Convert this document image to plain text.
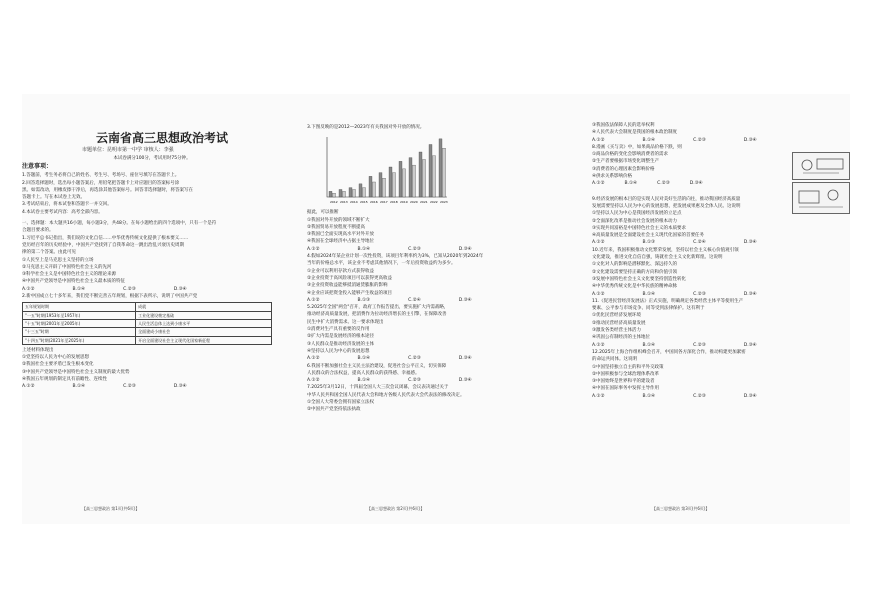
云南省高三思想政治考试

市题单位：昆明市第一中学 审核人：李强

本试卷满分100分，考试用时75分钟。

注意事项：

1.答题前，考生务必将自己的姓名、考生号、考场号、座位号填写在答题卡上。

2.回答选择题时，选出每小题答案后，用铅笔把答题卡上对应题目的答案标号涂

黑。如需改动，用橡皮擦干净后，再选涂其他答案标号。回答非选择题时，将答案写在

答题卡上。写在本试卷上无效。

3.考试结束后，将本试卷和答题卡一并交回。

4.本试卷主要考试内容：高考全部内容。

一、选择题：本大题共16小题，每小题3分，共48分。在每小题给出的四个选项中，只有一个是符

合题目要求的。

1.习近平总书记指出，我们说的文化自信……中华优秀传统文化提供了根本要义……

党历经百年的历史经验中，中国共产党找到了自我革命这一跳出治乱兴衰历史周期

律的第二个答案。由此可见

①人民至上是马克思主义坚持的立场

②马克思主义开辟了中国特色社会主义的先河

③科学社会主义是中国特色社会主义的理论来源

④中国共产党领导是中国特色社会主义最本质的特征

A.①②	B.①④	C.②③	D.③④

2.新中国成立七十多年来，我们党不断完善五年规划，根据下表所示，说明了中国共产党

五年规划时期	成就
"一五"时期(1953年至1957年)	工业化建设奠定基础
"十五"时期(2001年至2005年)	人民生活总体上达到小康水平
"十三五"时期	全面建成小康社会
"十四五"时期(2021年至2025年)	开启全面建设社会主义现代化国家新征程

上述材料体现出

①党坚持以人民为中心的发展思想

②我国社会主要矛盾已发生根本变化

③中国共产党领导是中国特色社会主义制度的最大优势

④我国五年规划的制定具有前瞻性、连续性

A.①②	B.①④	C.②③	D.③④
【高三思想政治 第1页(共6页)】

3.下图反映的是2012—2023年有关我国对外开放的情况。

2012 2013 2014 2015 2016 2017 2018 2019 2020 2021 2022 2023

据此，可以推断

①我国对外开放的领域不断扩大

②我国贸易开放程度不断提高

③我国已全面实现高水平对外开放

④我国在全球经济中占据主导地位

A.①②	B.①④	C.②③	D.③④

4.假如2024年某企业计划一次性投资，该项目年利率约为3%，已知从2020年到2024年

当年的价格总水平，该企业不考虑其他情况下，一年后投资收益约为多少。

①企业可以利用存款方式获得收益

②企业投资于高风险项目可以获得更高收益

③企业投资收益能够抵消通货膨胀的影响

④企业应该把资金投入能够产生收益的项目

A.①②	B.①③	C.②④	D.③④

5.2025年全国"两会"召开，政府工作报告提出，要实施扩大内需战略，

推动经济高质量发展，把消费作为拉动经济增长的主引擎，在保障改善

民生中扩大消费需求。这一要求体现出

①消费对生产具有重要的反作用

②扩大内需是发展经济的根本途径

③人民群众是推动经济发展的主体

④坚持以人民为中心的发展思想

A.①②	B.①④	C.②③	D.③④

6.我国不断加强社会主义民主法治建设，促进社会公平正义，切实保障

人民群众的合法权益，提高人民群众的获得感、幸福感。

A.①②	B.①④	C.②③	D.③④

7.2025年3月12日，十四届全国人大三次会议闭幕，会议表决通过关于

中华人民共和国全国人民代表大会和地方各级人民代表大会代表法的修改决定。

①全国人大常委会拥有国家立法权

②中国共产党坚持依法执政

【高三思想政治 第2页(共6页)】

③我国依法保障人民的选举权利

④人民代表大会制度是我国的根本政治制度

A.①②	B.①④	C.②③	D.③④

8.漫画《买与卖》中，如果商品价格下跌，则

①商品价格的变化会影响消费者的需求

②生产者要根据市场变化调整生产

③消费者的心理因素会影响价格

④供求关系影响价格

A.①②	B.①④	C.②③	D.③④

9.经济发展的根本目的是实现人民对美好生活的向往，推动我国经济高质量

发展需要坚持以人民为中心的发展思想，把发展成果惠及全体人民。这说明

①坚持以人民为中心是我国经济发展的立足点

②全面深化改革是推动社会发展的根本动力

③实现共同富裕是中国特色社会主义的本质要求

④高质量发展是全面建设社会主义现代化国家的首要任务

A.①②	B.①③	C.②④	D.③④

10.近年来，我国积极推动文化繁荣发展，坚持以社会主义核心价值观引领

文化建设，推进文化自信自强，铸就社会主义文化新辉煌。这说明

①文化对人的影响是潜移默化、深远持久的

②文化建设需要坚持正确的方向和价值引领

③发展中国特色社会主义文化要坚持创造性转化

④中华优秀传统文化是中华民族的精神命脉

A.①②	B.①④	C.②③	D.③④

11.《促进民营经济发展法》正式实施，明确规定各类经营主体平等使用生产

要素、公平参与市场竞争、同等受到法律保护。这有利于

①优化民营经济发展环境

②推动民营经济高质量发展

③激发各类经营主体活力

④巩固公有制经济的主体地位

A.①②	B.①④	C.②③	D.③④

12.2025年上海合作组织峰会召开，中国同各方深化合作，推动构建更加紧密

的命运共同体。这说明

①中国坚持独立自主的和平外交政策

②中国积极参与全球治理体系改革

③中国始终是世界和平的建设者

④中国在国际事务中发挥主导作用

A.①②	B.①④	C.②③	D.③④
【高三思想政治 第3页(共6页)】
